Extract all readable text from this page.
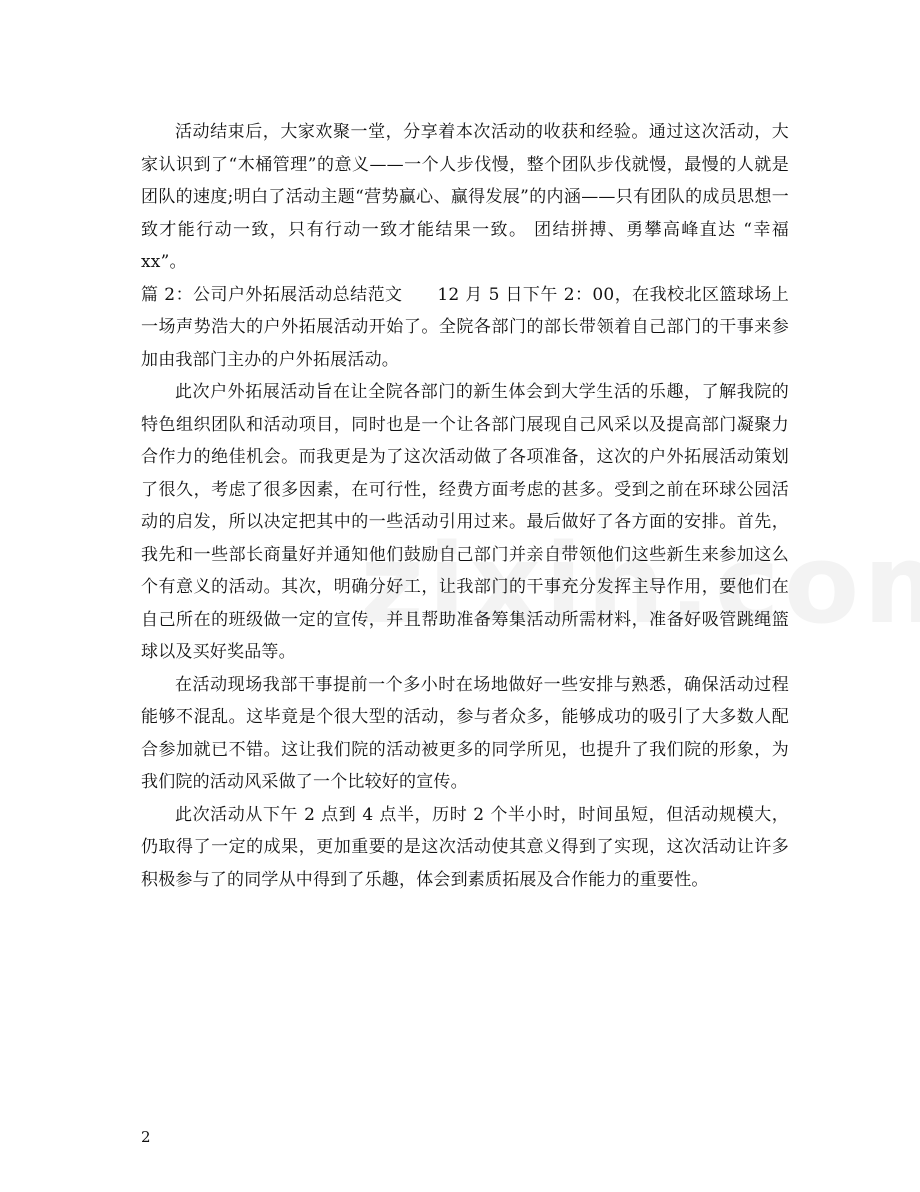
活动结束后，大家欢聚一堂，分享着本次活动的收获和经验。通过这次活动，大家认识到了“木桶管理”的意义——一个人步伐慢，整个团队步伐就慢，最慢的人就是团队的速度;明白了活动主题“营势赢心、赢得发展”的内涵——只有团队的成员思想一致才能行动一致，只有行动一致才能结果一致。 团结拼搏、勇攀高峰直达 “幸福 xx”。

篇 2：公司户外拓展活动总结范文　　12 月 5 日下午 2：00，在我校北区篮球场上一场声势浩大的户外拓展活动开始了。全院各部门的部长带领着自己部门的干事来参加由我部门主办的户外拓展活动。

此次户外拓展活动旨在让全院各部门的新生体会到大学生活的乐趣，了解我院的特色组织团队和活动项目，同时也是一个让各部门展现自己风采以及提高部门凝聚力合作力的绝佳机会。而我更是为了这次活动做了各项准备，这次的户外拓展活动策划了很久，考虑了很多因素，在可行性，经费方面考虑的甚多。受到之前在环球公园活动的启发，所以决定把其中的一些活动引用过来。最后做好了各方面的安排。首先，我先和一些部长商量好并通知他们鼓励自己部门并亲自带领他们这些新生来参加这么个有意义的活动。其次，明确分好工，让我部门的干事充分发挥主导作用，要他们在自己所在的班级做一定的宣传，并且帮助准备筹集活动所需材料，准备好吸管跳绳篮球以及买好奖品等。

在活动现场我部干事提前一个多小时在场地做好一些安排与熟悉，确保活动过程能够不混乱。这毕竟是个很大型的活动，参与者众多，能够成功的吸引了大多数人配合参加就已不错。这让我们院的活动被更多的同学所见，也提升了我们院的形象，为我们院的活动风采做了一个比较好的宣传。

此次活动从下午 2 点到 4 点半，历时 2 个半小时，时间虽短，但活动规模大，仍取得了一定的成果，更加重要的是这次活动使其意义得到了实现，这次活动让许多积极参与了的同学从中得到了乐趣，体会到素质拓展及合作能力的重要性。

2
